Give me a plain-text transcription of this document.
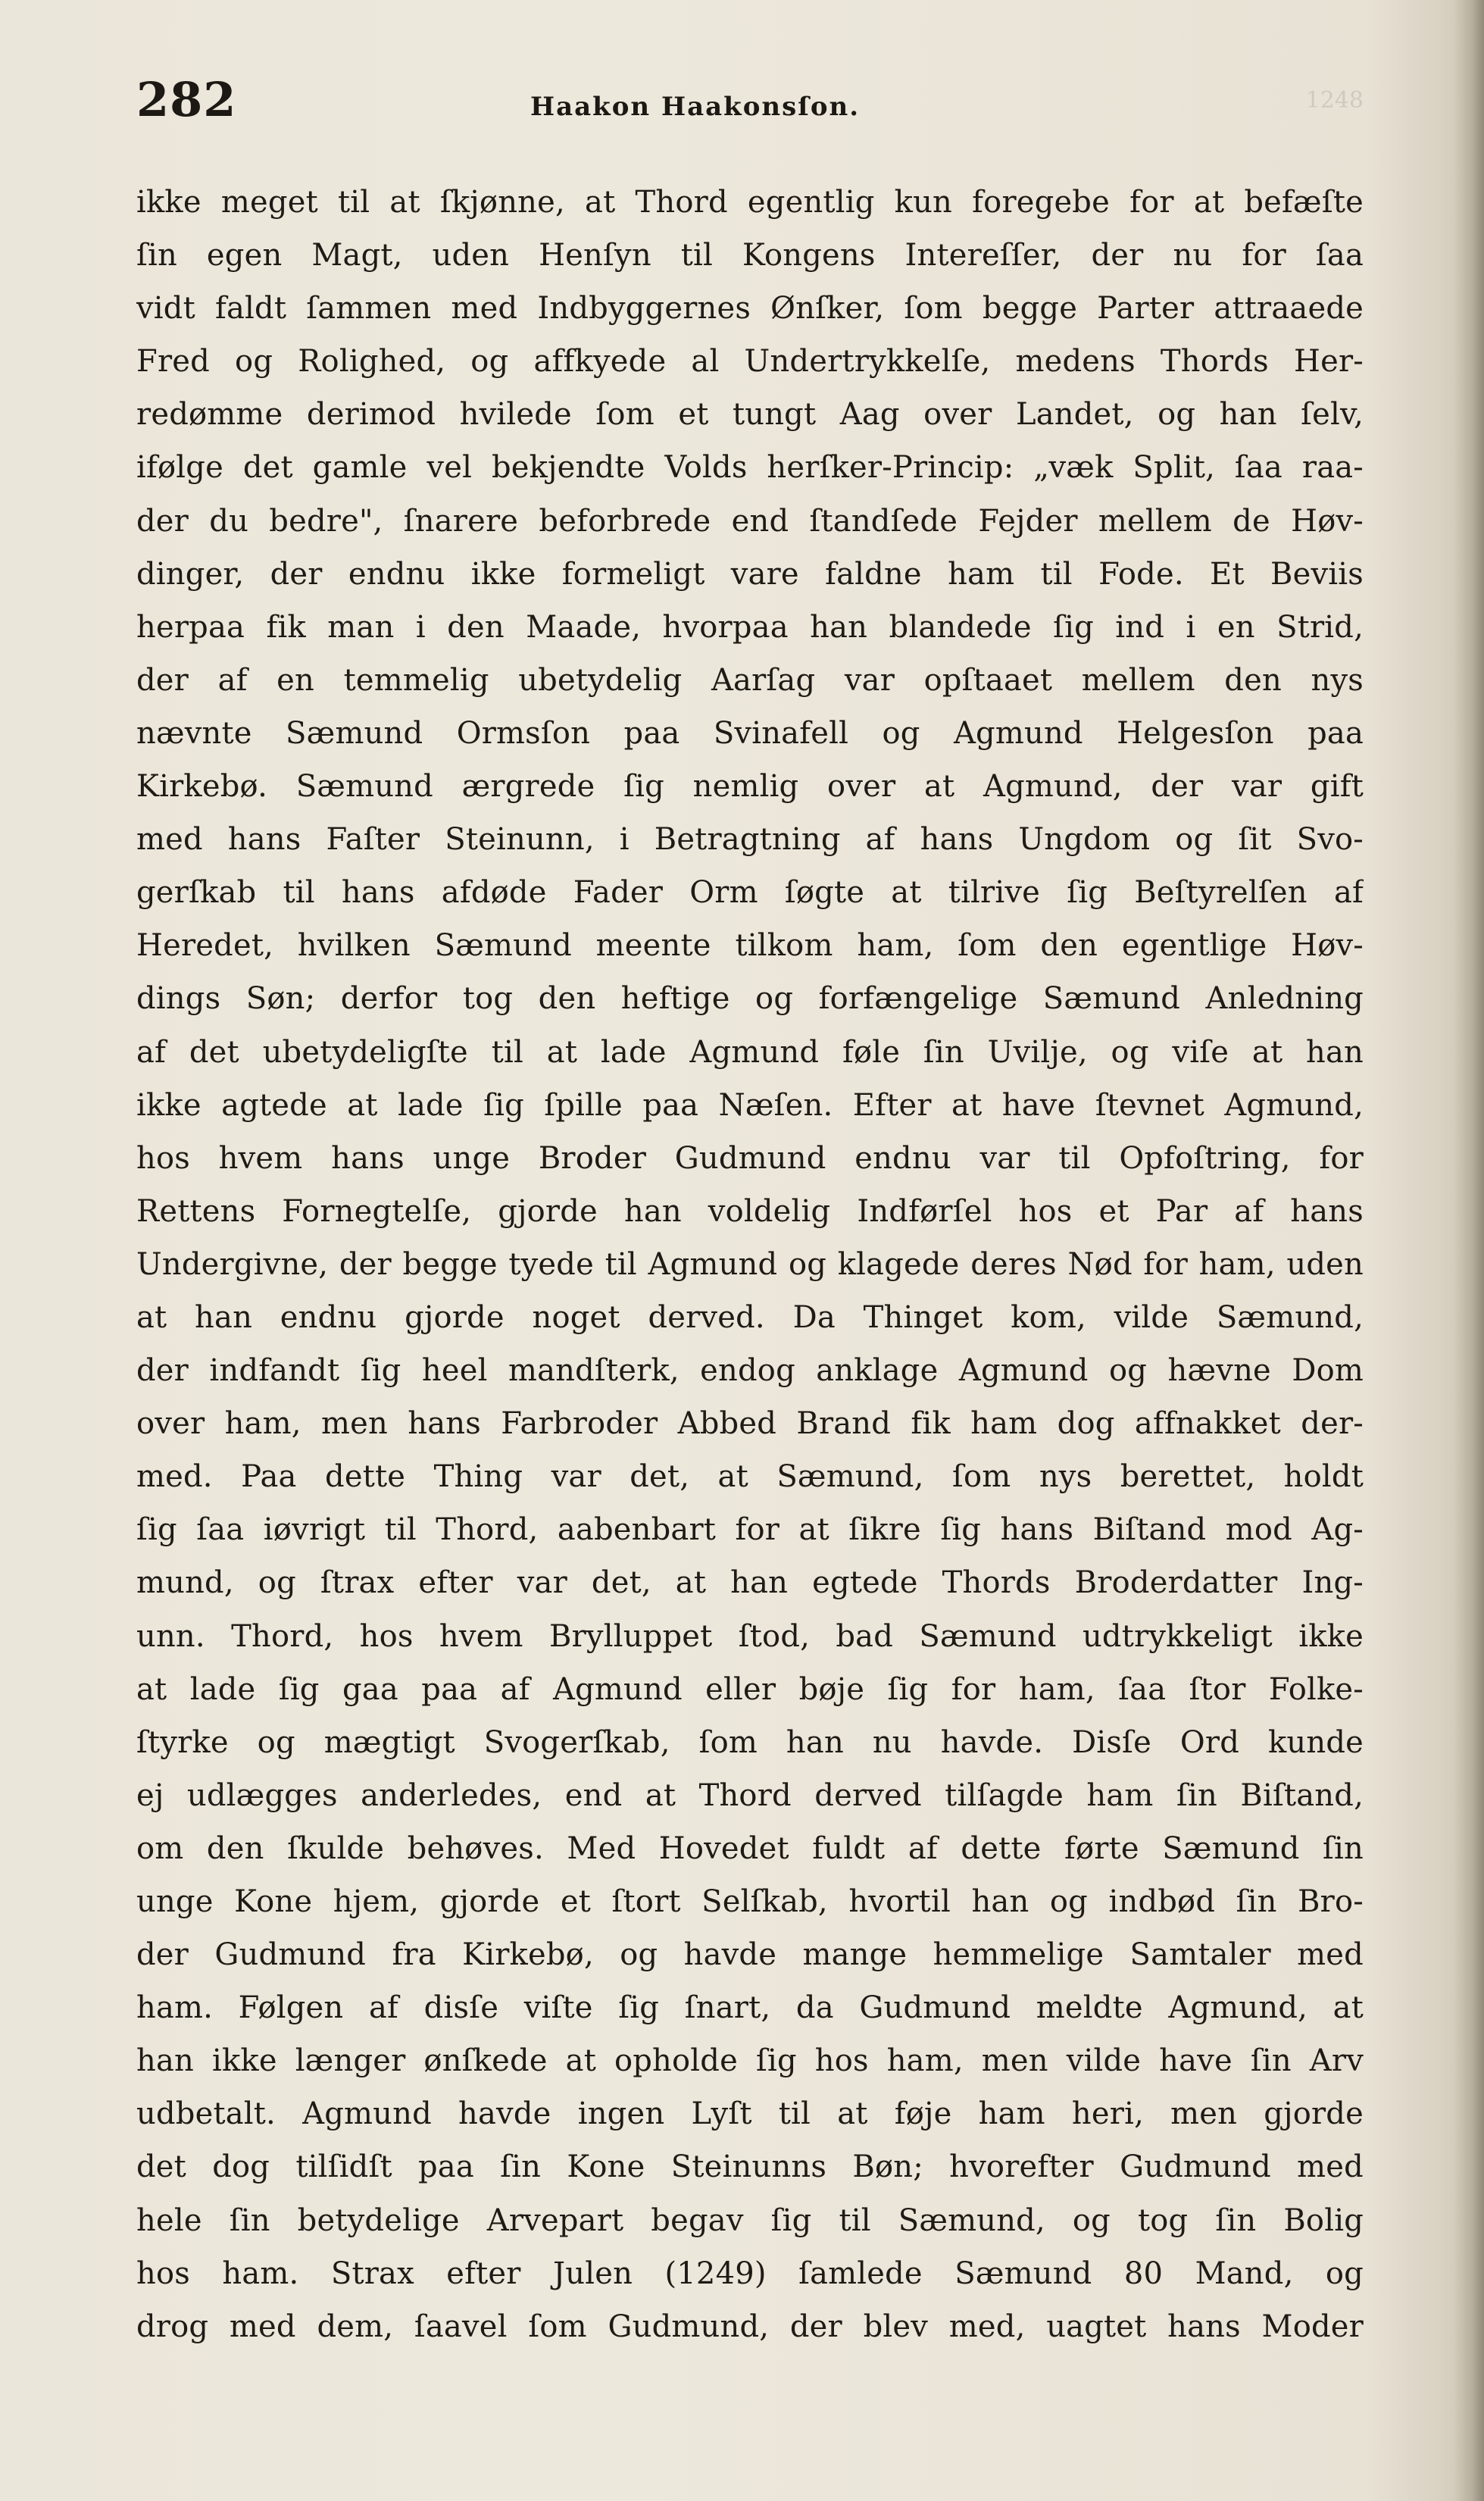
282	Haakon Haakonsſon.	1248
ikke meget til at ſkjønne, at Thord egentlig kun foregebe for at befæſte
ſin egen Magt, uden Henſyn til Kongens Intereſſer, der nu for ſaa
vidt faldt ſammen med Indbyggernes Ønſker, ſom begge Parter attraaede
Fred og Rolighed, og affkyede al Undertrykkelſe, medens Thords Her-
redømme derimod hvilede ſom et tungt Aag over Landet, og han ſelv,
ifølge det gamle vel bekjendte Volds herſker-Princip: „væk Split, ſaa raa-
der du bedre", ſnarere beforbrede end ſtandſede Fejder mellem de Høv-
dinger, der endnu ikke formeligt vare faldne ham til Fode. Et Beviis
herpaa fik man i den Maade, hvorpaa han blandede ſig ind i en Strid,
der af en temmelig ubetydelig Aarſag var opſtaaet mellem den nys
nævnte Sæmund Ormsſon paa Svinafell og Agmund Helgesſon paa
Kirkebø. Sæmund ærgrede ſig nemlig over at Agmund, der var gift
med hans Faſter Steinunn, i Betragtning af hans Ungdom og ſit Svo-
gerſkab til hans afdøde Fader Orm ſøgte at tilrive ſig Beſtyrelſen af
Heredet, hvilken Sæmund meente tilkom ham, ſom den egentlige Høv-
dings Søn; derfor tog den heftige og forfængelige Sæmund Anledning
af det ubetydeligſte til at lade Agmund føle ſin Uvilje, og viſe at han
ikke agtede at lade ſig ſpille paa Næſen. Efter at have ſtevnet Agmund,
hos hvem hans unge Broder Gudmund endnu var til Opfoſtring, for
Rettens Fornegtelſe, gjorde han voldelig Indførſel hos et Par af hans
Undergivne, der begge tyede til Agmund og klagede deres Nød for ham, uden
at han endnu gjorde noget derved. Da Thinget kom, vilde Sæmund,
der indfandt ſig heel mandſterk, endog anklage Agmund og hævne Dom
over ham, men hans Farbroder Abbed Brand fik ham dog affnakket der-
med. Paa dette Thing var det, at Sæmund, ſom nys berettet, holdt
ſig ſaa iøvrigt til Thord, aabenbart for at ſikre ſig hans Biſtand mod Ag-
mund, og ſtrax efter var det, at han egtede Thords Broderdatter Ing-
unn. Thord, hos hvem Brylluppet ſtod, bad Sæmund udtrykkeligt ikke
at lade ſig gaa paa af Agmund eller bøje ſig for ham, ſaa ſtor Folke-
ſtyrke og mægtigt Svogerſkab, ſom han nu havde. Disſe Ord kunde
ej udlægges anderledes, end at Thord derved tilſagde ham ſin Biſtand,
om den ſkulde behøves. Med Hovedet fuldt af dette førte Sæmund ſin
unge Kone hjem, gjorde et ſtort Selſkab, hvortil han og indbød ſin Bro-
der Gudmund fra Kirkebø, og havde mange hemmelige Samtaler med
ham. Følgen af disſe viſte ſig ſnart, da Gudmund meldte Agmund, at
han ikke længer ønſkede at opholde ſig hos ham, men vilde have ſin Arv
udbetalt. Agmund havde ingen Lyſt til at føje ham heri, men gjorde
det dog tilſidſt paa ſin Kone Steinunns Bøn; hvorefter Gudmund med
hele ſin betydelige Arvepart begav ſig til Sæmund, og tog ſin Bolig
hos ham. Strax efter Julen (1249) ſamlede Sæmund 80 Mand, og
drog med dem, ſaavel ſom Gudmund, der blev med, uagtet hans Moder
